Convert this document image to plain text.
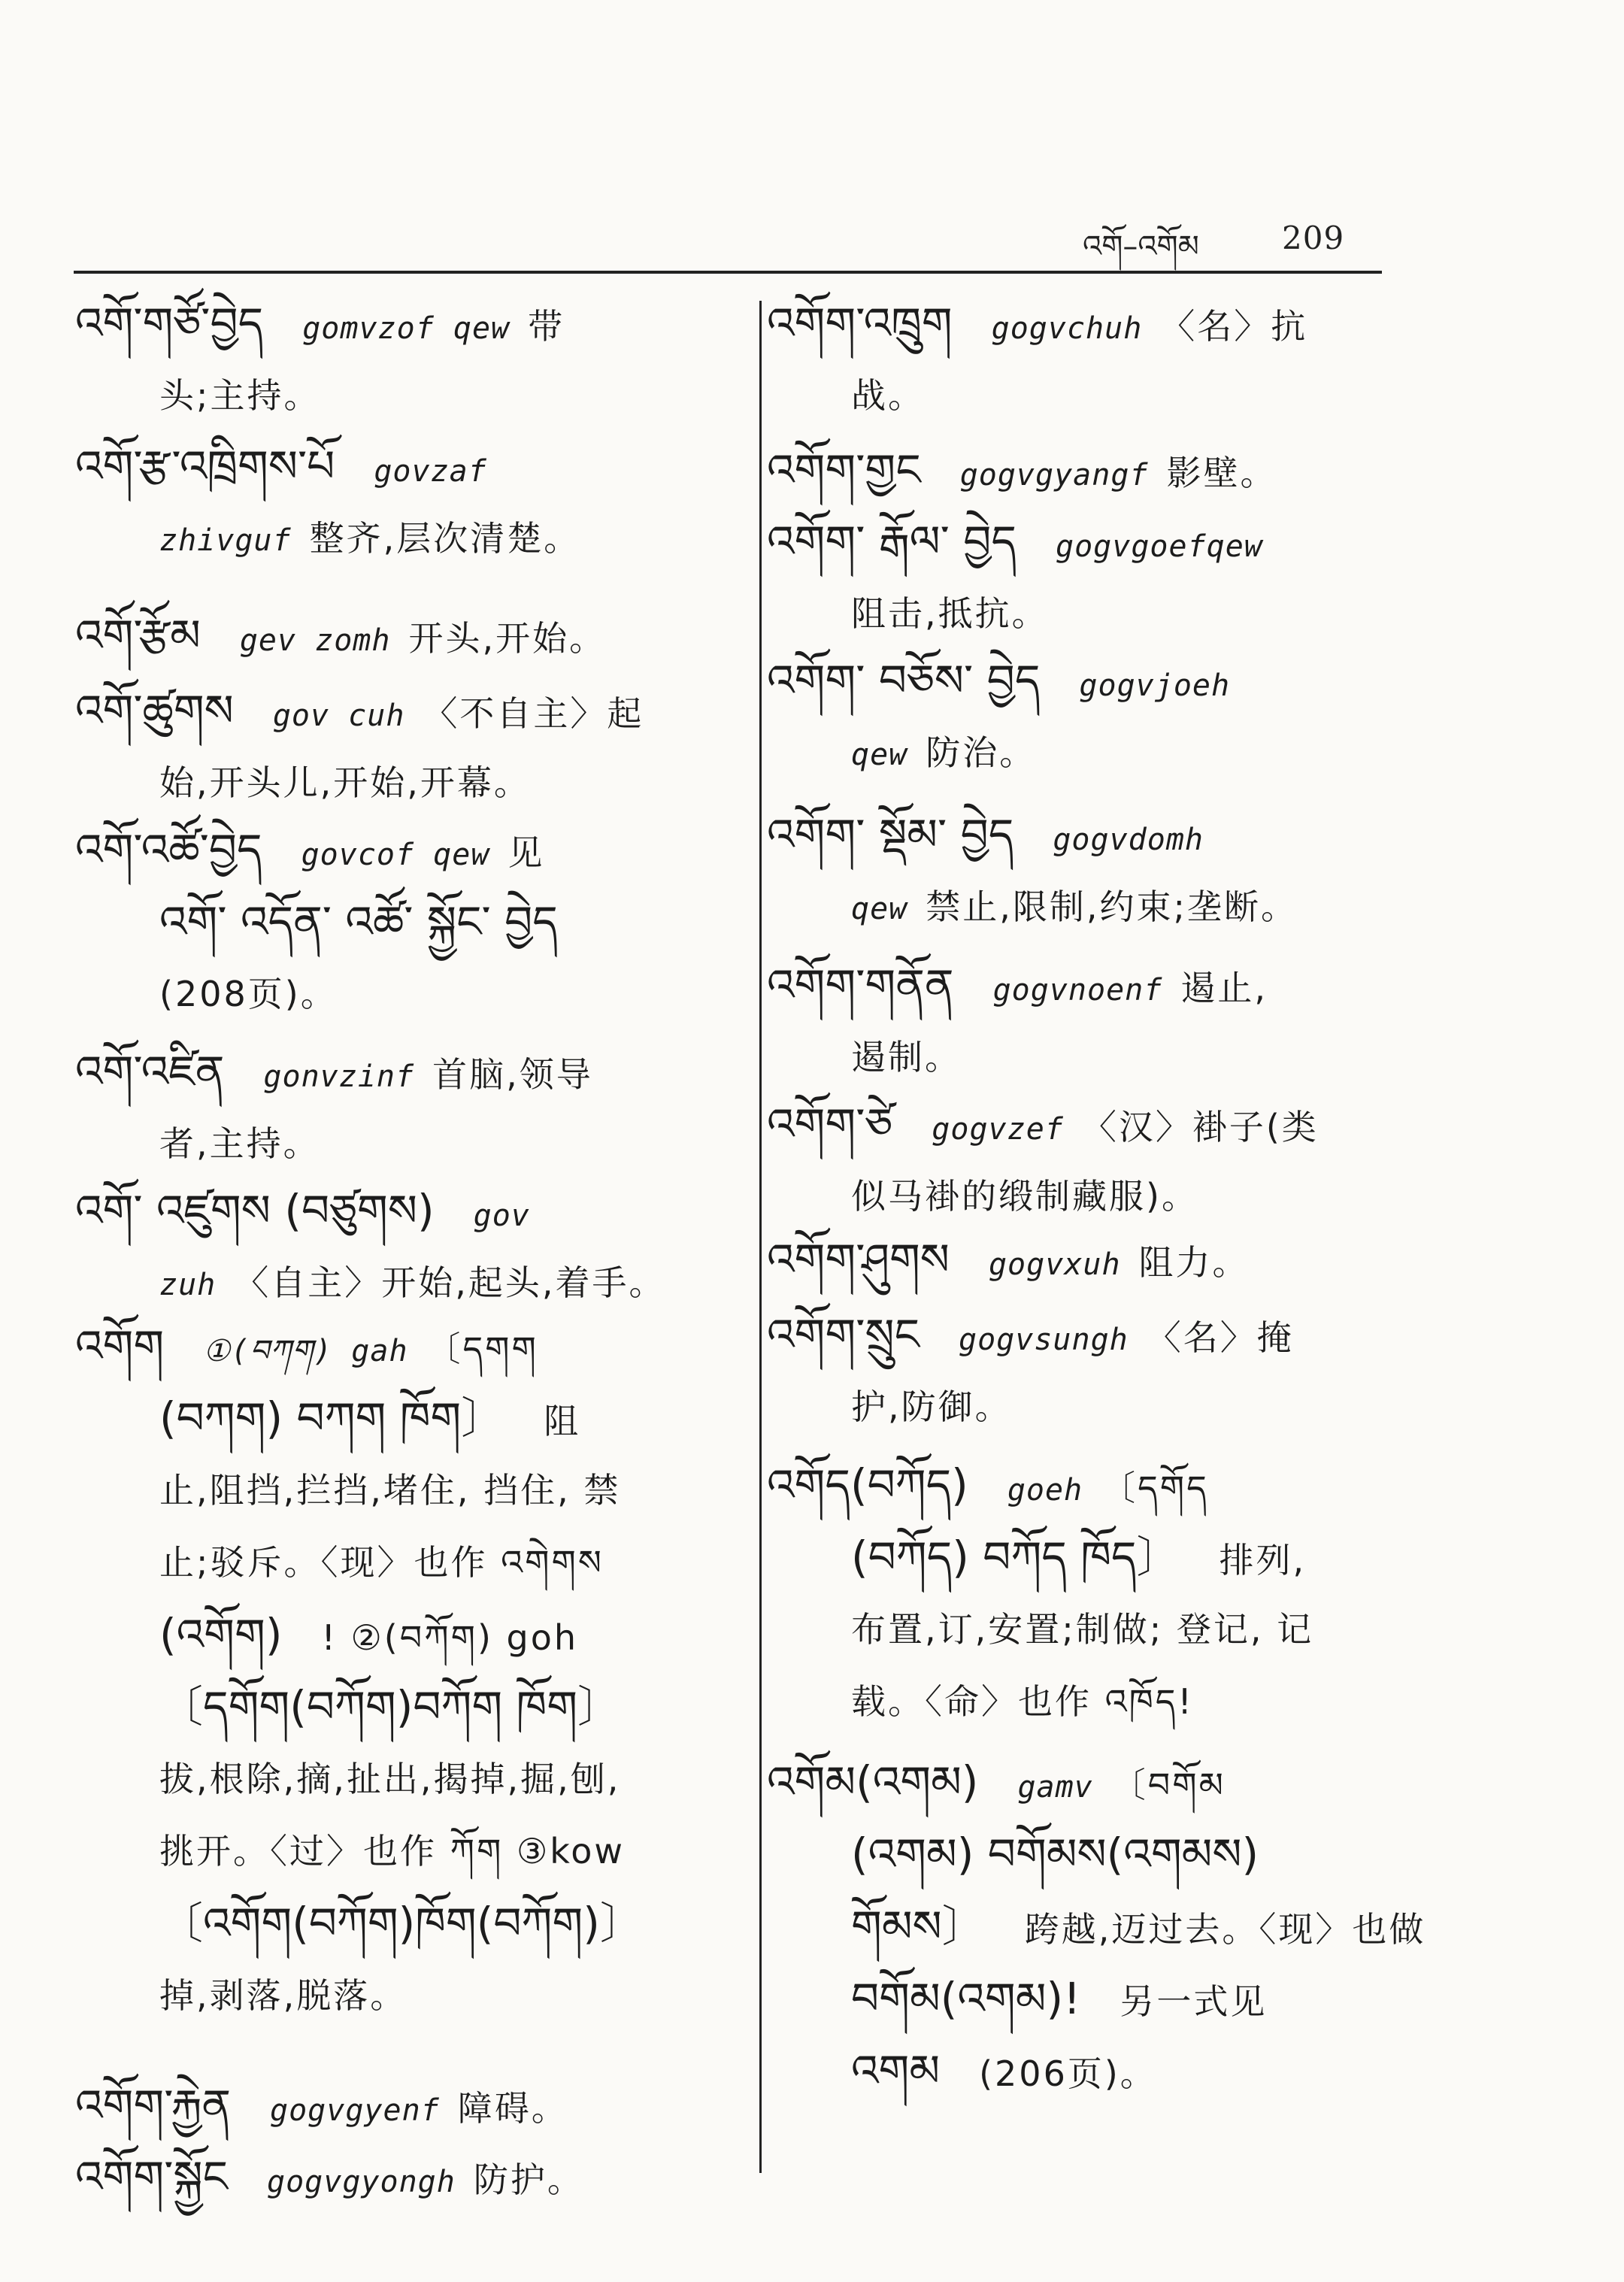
འགོ–འགོམ	209
འགོ་གཙོ་བྱེད gomvzof qew 带
头;主持。
འགོ་རྩ་འཁྲིགས་པོ govzaf
zhivguf 整齐,层次清楚。
འགོ་རྩོམ gev zomh 开头,开始。
འགོ་ཚུགས gov cuh 〈不自主〉起
始,开头儿,开始,开幕。
འགོ་འཚོ་བྱེད govcof qew 见
འགོ་ འདོན་ འཚོ་ སྐྱོང་ བྱེད
(208页)。
འགོ་འཛིན gonvzinf 首脑,领导
者,主持。
འགོ་ འཛུགས (བཙུགས) gov
zuh 〈自主〉开始,起头,着手。
འགོག ①(བཀག) gah 〔དགག
(བཀག) བཀག ཁོག〕 阻
止,阻挡,拦挡,堵住, 挡住, 禁
止;驳斥。〈现〉也作 འགེགས
(འགོག) ! ②(བཀོག) goh
〔དགོག(བཀོག)བཀོག ཁོག〕
拔,根除,摘,扯出,揭掉,掘,刨,
挑开。〈过〉也作 ཀོག ③kow
〔འགོག(བཀོག)ཁོག(བཀོག)〕
掉,剥落,脱落。
འགོག་རྐྱེན gogvgyenf 障碍。
འགོག་སྐྱོང gogvgyongh 防护。
འགོག་འཁྲུག gogvchuh 〈名〉抗
战。
འགོག་གྱང gogvgyangf 影壁。
འགོག་ རྒོལ་ བྱེད gogvgoefqew
阻击,抵抗。
འགོག་ བཅོས་ བྱེད gogvjoeh
qew 防治。
འགོག་ སྡོམ་ བྱེད gogvdomh
qew 禁止,限制,约束;垄断。
འགོག་གནོན gogvnoenf 遏止,
遏制。
འགོག་ཙེ gogvzef 〈汉〉褂子(类
似马褂的缎制藏服)。
འགོག་ཤུགས gogvxuh 阻力。
འགོག་སྲུང gogvsungh 〈名〉掩
护,防御。
འགོད(བཀོད) goeh 〔དགོད
(བཀོད) བཀོད ཁོད〕 排列,
布置,订,安置;制做; 登记, 记
载。〈命〉也作 འཁོད!
འགོམ(འགམ) gamv 〔བགོམ
(འགམ) བགོམས(འགམས)
གོམས〕 跨越,迈过去。〈现〉也做
བགོམ(འགམ)! 另一式见
འགམ (206页)。
